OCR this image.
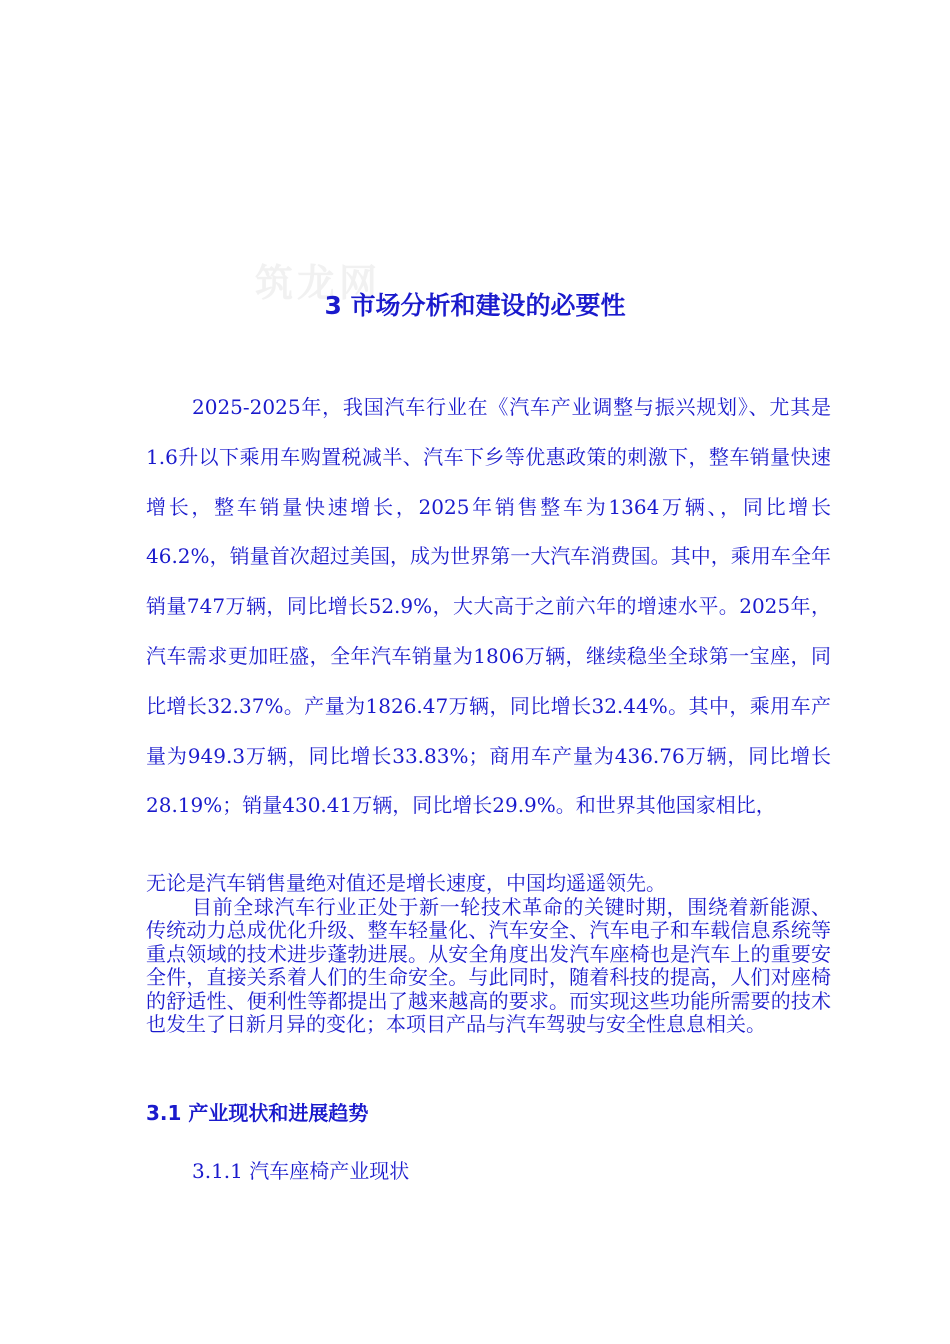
筑龙网
3 市场分析和建设的必要性

2025-2025年，我国汽车行业在《汽车产业调整与振兴规划》、尤其是1.6升以下乘用车购置税减半、汽车下乡等优惠政策的刺激下，整车销量快速增长，整车销量快速增长，2025年销售整车为1364万辆、，同比增长46.2%，销量首次超过美国，成为世界第一大汽车消费国。其中，乘用车全年销量747万辆，同比增长52.9%，大大高于之前六年的增速水平。2025年，汽车需求更加旺盛，全年汽车销量为1806万辆，继续稳坐全球第一宝座，同比增长32.37%。产量为1826.47万辆，同比增长32.44%。其中，乘用车产量为949.3万辆，同比增长33.83%；商用车产量为436.76万辆，同比增长28.19%；销量430.41万辆，同比增长29.9%。和世界其他国家相比，

无论是汽车销售量绝对值还是增长速度，中国均遥遥领先。

目前全球汽车行业正处于新一轮技术革命的关键时期，围绕着新能源、传统动力总成优化升级、整车轻量化、汽车安全、汽车电子和车载信息系统等重点领域的技术进步蓬勃进展。从安全角度出发汽车座椅也是汽车上的重要安全件，直接关系着人们的生命安全。与此同时，随着科技的提高，人们对座椅的舒适性、便利性等都提出了越来越高的要求。而实现这些功能所需要的技术也发生了日新月异的变化；本项目产品与汽车驾驶与安全性息息相关。

3.1 产业现状和进展趋势
3.1.1 汽车座椅产业现状
